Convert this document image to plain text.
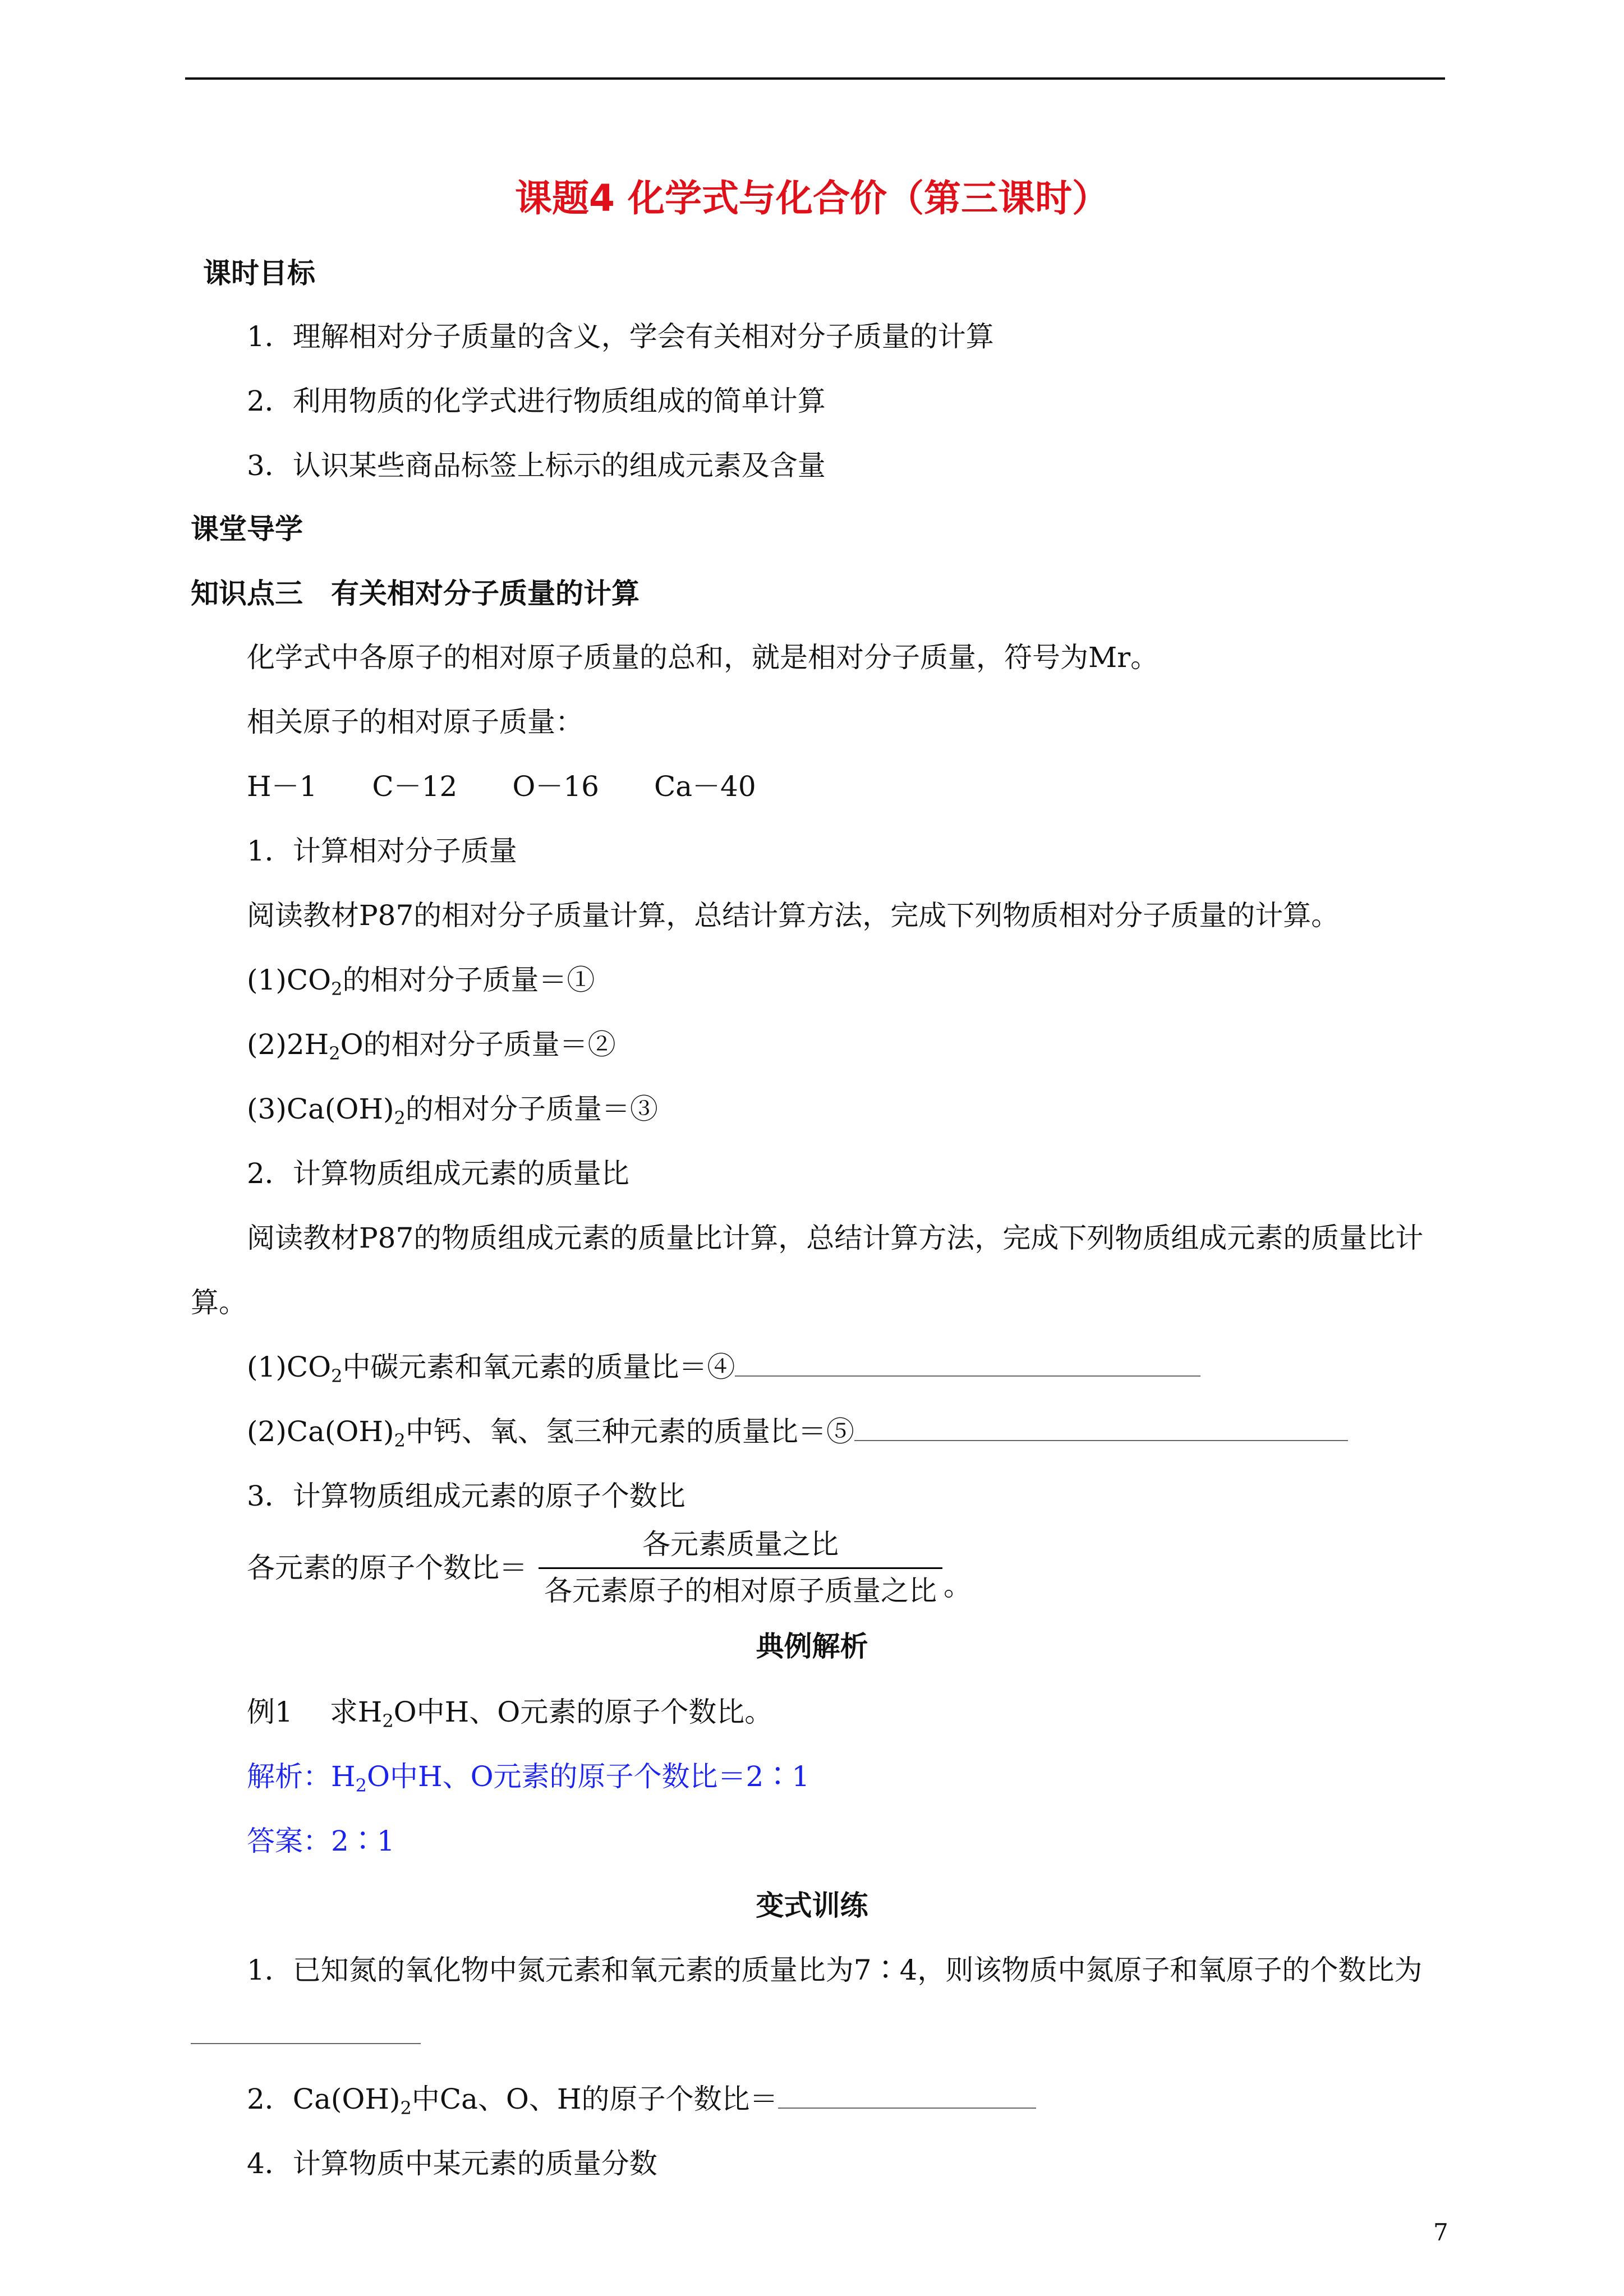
课题4 化学式与化合价（第三课时）
课时目标
1．理解相对分子质量的含义，学会有关相对分子质量的计算
2．利用物质的化学式进行物质组成的简单计算
3．认识某些商品标签上标示的组成元素及含量
课堂导学
知识点三　有关相对分子质量的计算
化学式中各原子的相对原子质量的总和，就是相对分子质量，符号为Mr。
相关原子的相对原子质量：
H－1 C－12 O－16 Ca－40
1．计算相对分子质量
阅读教材P87的相对分子质量计算，总结计算方法，完成下列物质相对分子质量的计算。
$(1)CO_2$的相对分子质量＝①
$(2)2H_2O$的相对分子质量＝②
$(3)Ca(OH)_2$的相对分子质量＝③
2．计算物质组成元素的质量比
阅读教材P87的物质组成元素的质量比计算，总结计算方法，完成下列物质组成元素的质量比计
算。
$(1)CO_2$中碳元素和氧元素的质量比＝④
$(2)Ca(OH)_2$中钙、氧、氢三种元素的质量比＝⑤
3．计算物质组成元素的原子个数比
各元素的原子个数比＝
各元素质量之比
各元素原子的相对原子质量之比 。
典例解析
例1　 求$H_2O$中H、O元素的原子个数比。
解析：$H_2O$中H、O元素的原子个数比＝2∶1
答案：2∶1
变式训练
1．已知氮的氧化物中氮元素和氧元素的质量比为7∶4，则该物质中氮原子和氧原子的个数比为
2．$Ca(OH)_2$中Ca、O、H的原子个数比＝
4．计算物质中某元素的质量分数
7
